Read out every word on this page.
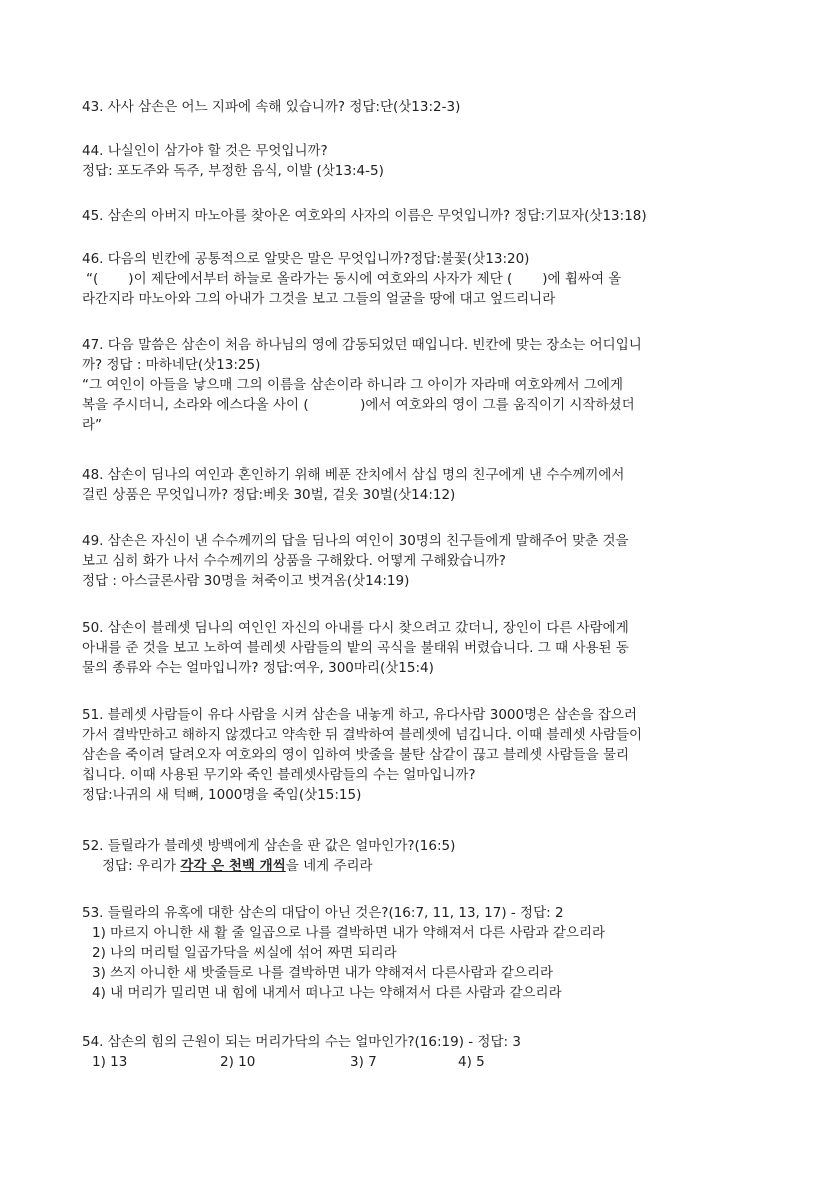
43. 사사 삼손은 어느 지파에 속해 있습니까? 정답:단(삿13:2-3)
44. 나실인이 삼가야 할 것은 무엇입니까?
정답: 포도주와 독주, 부정한 음식, 이발 (삿13:4-5)
45. 삼손의 아버지 마노아를 찾아온 여호와의 사자의 이름은 무엇입니까? 정답:기묘자(삿13:18)
46. 다음의 빈칸에 공통적으로 알맞은 말은 무엇입니까?정답:불꽃(삿13:20)
“(       )이 제단에서부터 하늘로 올라가는 동시에 여호와의 사자가 제단 (       )에 휩싸여 올
라간지라 마노아와 그의 아내가 그것을 보고 그들의 얼굴을 땅에 대고 엎드리니라
47. 다음 말씀은 삼손이 처음 하나님의 영에 감동되었던 때입니다. 빈칸에 맞는 장소는 어디입니
까? 정답 : 마하네단(삿13:25)
“그 여인이 아들을 낳으매 그의 이름을 삼손이라 하니라 그 아이가 자라매 여호와께서 그에게
복을 주시더니, 소라와 에스다올 사이 (            )에서 여호와의 영이 그를 움직이기 시작하셨더
라”
48. 삼손이 딤나의 여인과 혼인하기 위해 베푼 잔치에서 삼십 명의 친구에게 낸 수수께끼에서
걸린 상품은 무엇입니까? 정답:베옷 30벌, 겉옷 30벌(삿14:12)
49. 삼손은 자신이 낸 수수께끼의 답을 딤나의 여인이 30명의 친구들에게 말해주어 맞춘 것을
보고 심히 화가 나서 수수께끼의 상품을 구해왔다. 어떻게 구해왔습니까?
정답 : 아스글론사람 30명을 쳐죽이고 벗겨옴(삿14:19)
50. 삼손이 블레셋 딤나의 여인인 자신의 아내를 다시 찾으려고 갔더니, 장인이 다른 사람에게
아내를 준 것을 보고 노하여 블레셋 사람들의 밭의 곡식을 불태워 버렸습니다. 그 때 사용된 동
물의 종류와 수는 얼마입니까? 정답:여우, 300마리(삿15:4)
51. 블레셋 사람들이 유다 사람을 시켜 삼손을 내놓게 하고, 유다사람 3000명은 삼손을 잡으러
가서 결박만하고 해하지 않겠다고 약속한 뒤 결박하여 블레셋에 넘깁니다. 이때 블레셋 사람들이
삼손을 죽이려 달려오자 여호와의 영이 임하여 밧줄을 불탄 삼같이 끊고 블레셋 사람들을 물리
칩니다. 이때 사용된 무기와 죽인 블레셋사람들의 수는 얼마입니까?
정답:나귀의 새 턱뼈, 1000명을 죽임(삿15:15)
52. 들릴라가 블레셋 방백에게 삼손을 판 값은 얼마인가?(16:5)
정답: 우리가 각각 은 천백 개씩을 네게 주리라
53. 들릴라의 유혹에 대한 삼손의 대답이 아닌 것은?(16:7, 11, 13, 17) - 정답: 2
1) 마르지 아니한 새 활 줄 일곱으로 나를 결박하면 내가 약해져서 다른 사람과 같으리라
2) 나의 머리털 일곱가닥을 씨실에 섞어 짜면 되리라
3) 쓰지 아니한 새 밧줄들로 나를 결박하면 내가 약해져서 다른사람과 같으리라
4) 내 머리가 밀리면 내 힘에 내게서 떠나고 나는 약해져서 다른 사람과 같으리라
54. 삼손의 힘의 근원이 되는 머리가닥의 수는 얼마인가?(16:19) - 정답: 3
1) 13	2) 10	3) 7	4) 5
